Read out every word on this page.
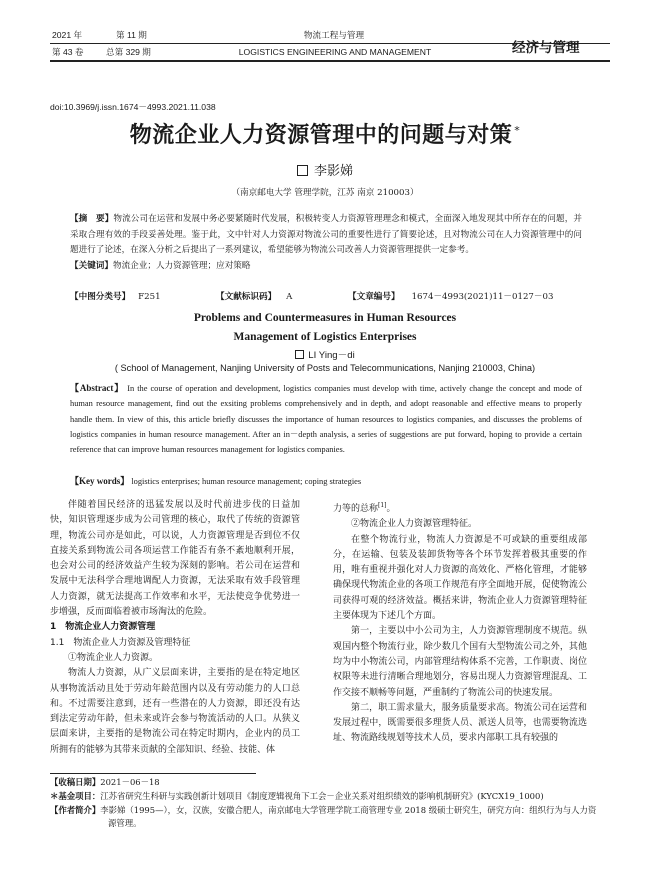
2021 年	第 11 期	物流工程与管理
第 43 卷	总第 329 期	LOGISTICS ENGINEERING AND MANAGEMENT	经济与管理
doi:10.3969/j.issn.1674－4993.2021.11.038
物流企业人力资源管理中的问题与对策 *
李影娣
（南京邮电大学 管理学院，江苏 南京 210003）
【摘　要】物流公司在运营和发展中务必要紧随时代发展，积极转变人力资源管理理念和模式，全面深入地发现其中所存在的问题，并采取合理有效的手段妥善处理。鉴于此，文中针对人力资源对物流公司的重要性进行了简要论述，且对物流公司在人力资源管理中的问题进行了论述，在深入分析之后提出了一系列建议，希望能够为物流公司改善人力资源管理提供一定参考。
【关键词】物流企业；人力资源管理；应对策略
【中图分类号】 F251	【文献标识码】 A	【文章编号】 1674－4993(2021)11－0127－03
Problems and Countermeasures in Human Resources
Management of Logistics Enterprises
LI Ying－di
( School of Management, Nanjing University of Posts and Telecommunications, Nanjing 210003, China)
【Abstract】 In the course of operation and development, logistics companies must develop with time, actively change the concept and mode of human resource management, find out the exsiting problems comprehensively and in depth, and adopt reasonable and effective means to properly handle them. In view of this, this article briefly discusses the importance of human resources to logistics companies, and discusses the problems of logistics companies in human resource management. After an in－depth analysis, a series of suggestions are put forward, hoping to provide a certain reference that can improve human resources management for logistics companies.
【Key words】 logistics enterprises; human resource management; coping strategies

伴随着国民经济的迅猛发展以及时代前进步伐的日益加快，知识管理逐步成为公司管理的核心，取代了传统的资源管理，物流公司亦是如此，可以说，人力资源管理是否到位不仅直接关系到物流公司各项运营工作能否有条不紊地顺利开展，也会对公司的经济效益产生较为深刻的影响。若公司在运营和发展中无法科学合理地调配人力资源，无法采取有效手段管理人力资源，就无法提高工作效率和水平，无法使竞争优势进一步增强，反而面临着被市场淘汰的危险。

1　物流企业人力资源管理

1.1　物流企业人力资源及管理特征

①物流企业人力资源。

物流人力资源，从广义层面来讲，主要指的是在特定地区从事物流活动且处于劳动年龄范围内以及有劳动能力的人口总和。不过需要注意到，还有一些潜在的人力资源，即还没有达到法定劳动年龄，但未来或许会参与物流活动的人口。从狭义层面来讲，主要指的是物流公司在特定时期内，企业内的员工所拥有的能够为其带来贡献的全部知识、经验、技能、体

力等的总称[1]。

②物流企业人力资源管理特征。

在整个物流行业，物流人力资源是不可或缺的重要组成部分，在运输、包装及装卸货物等各个环节发挥着极其重要的作用，唯有重视并强化对人力资源的高效化、严格化管理，才能够确保现代物流企业的各项工作规范有序全面地开展，促使物流公司获得可观的经济效益。概括来讲，物流企业人力资源管理特征主要体现为下述几个方面。

第一，主要以中小公司为主，人力资源管理制度不规范。纵观国内整个物流行业，除少数几个国有大型物流公司之外，其他均为中小物流公司，内部管理结构体系不完善，工作职责、岗位权限等未进行清晰合理地划分，容易出现人力资源管理混乱、工作交接不顺畅等问题，严重制约了物流公司的快速发展。

第二，职工需求量大，服务质量要求高。物流公司在运营和发展过程中，既需要很多理货人员、派送人员等，也需要物流选址、物流路线规划等技术人员，要求内部职工具有较强的

【收稿日期】2021－06－18
＊基金项目：江苏省研究生科研与实践创新计划项目《制度逻辑视角下工会－企业关系对组织绩效的影响机制研究》(KYCX19_1000)
【作者简介】李影娣（1995—），女，汉族，安徽合肥人，南京邮电大学管理学院工商管理专业 2018 级硕士研究生，研究方向：组织行为与人力资源管理。
